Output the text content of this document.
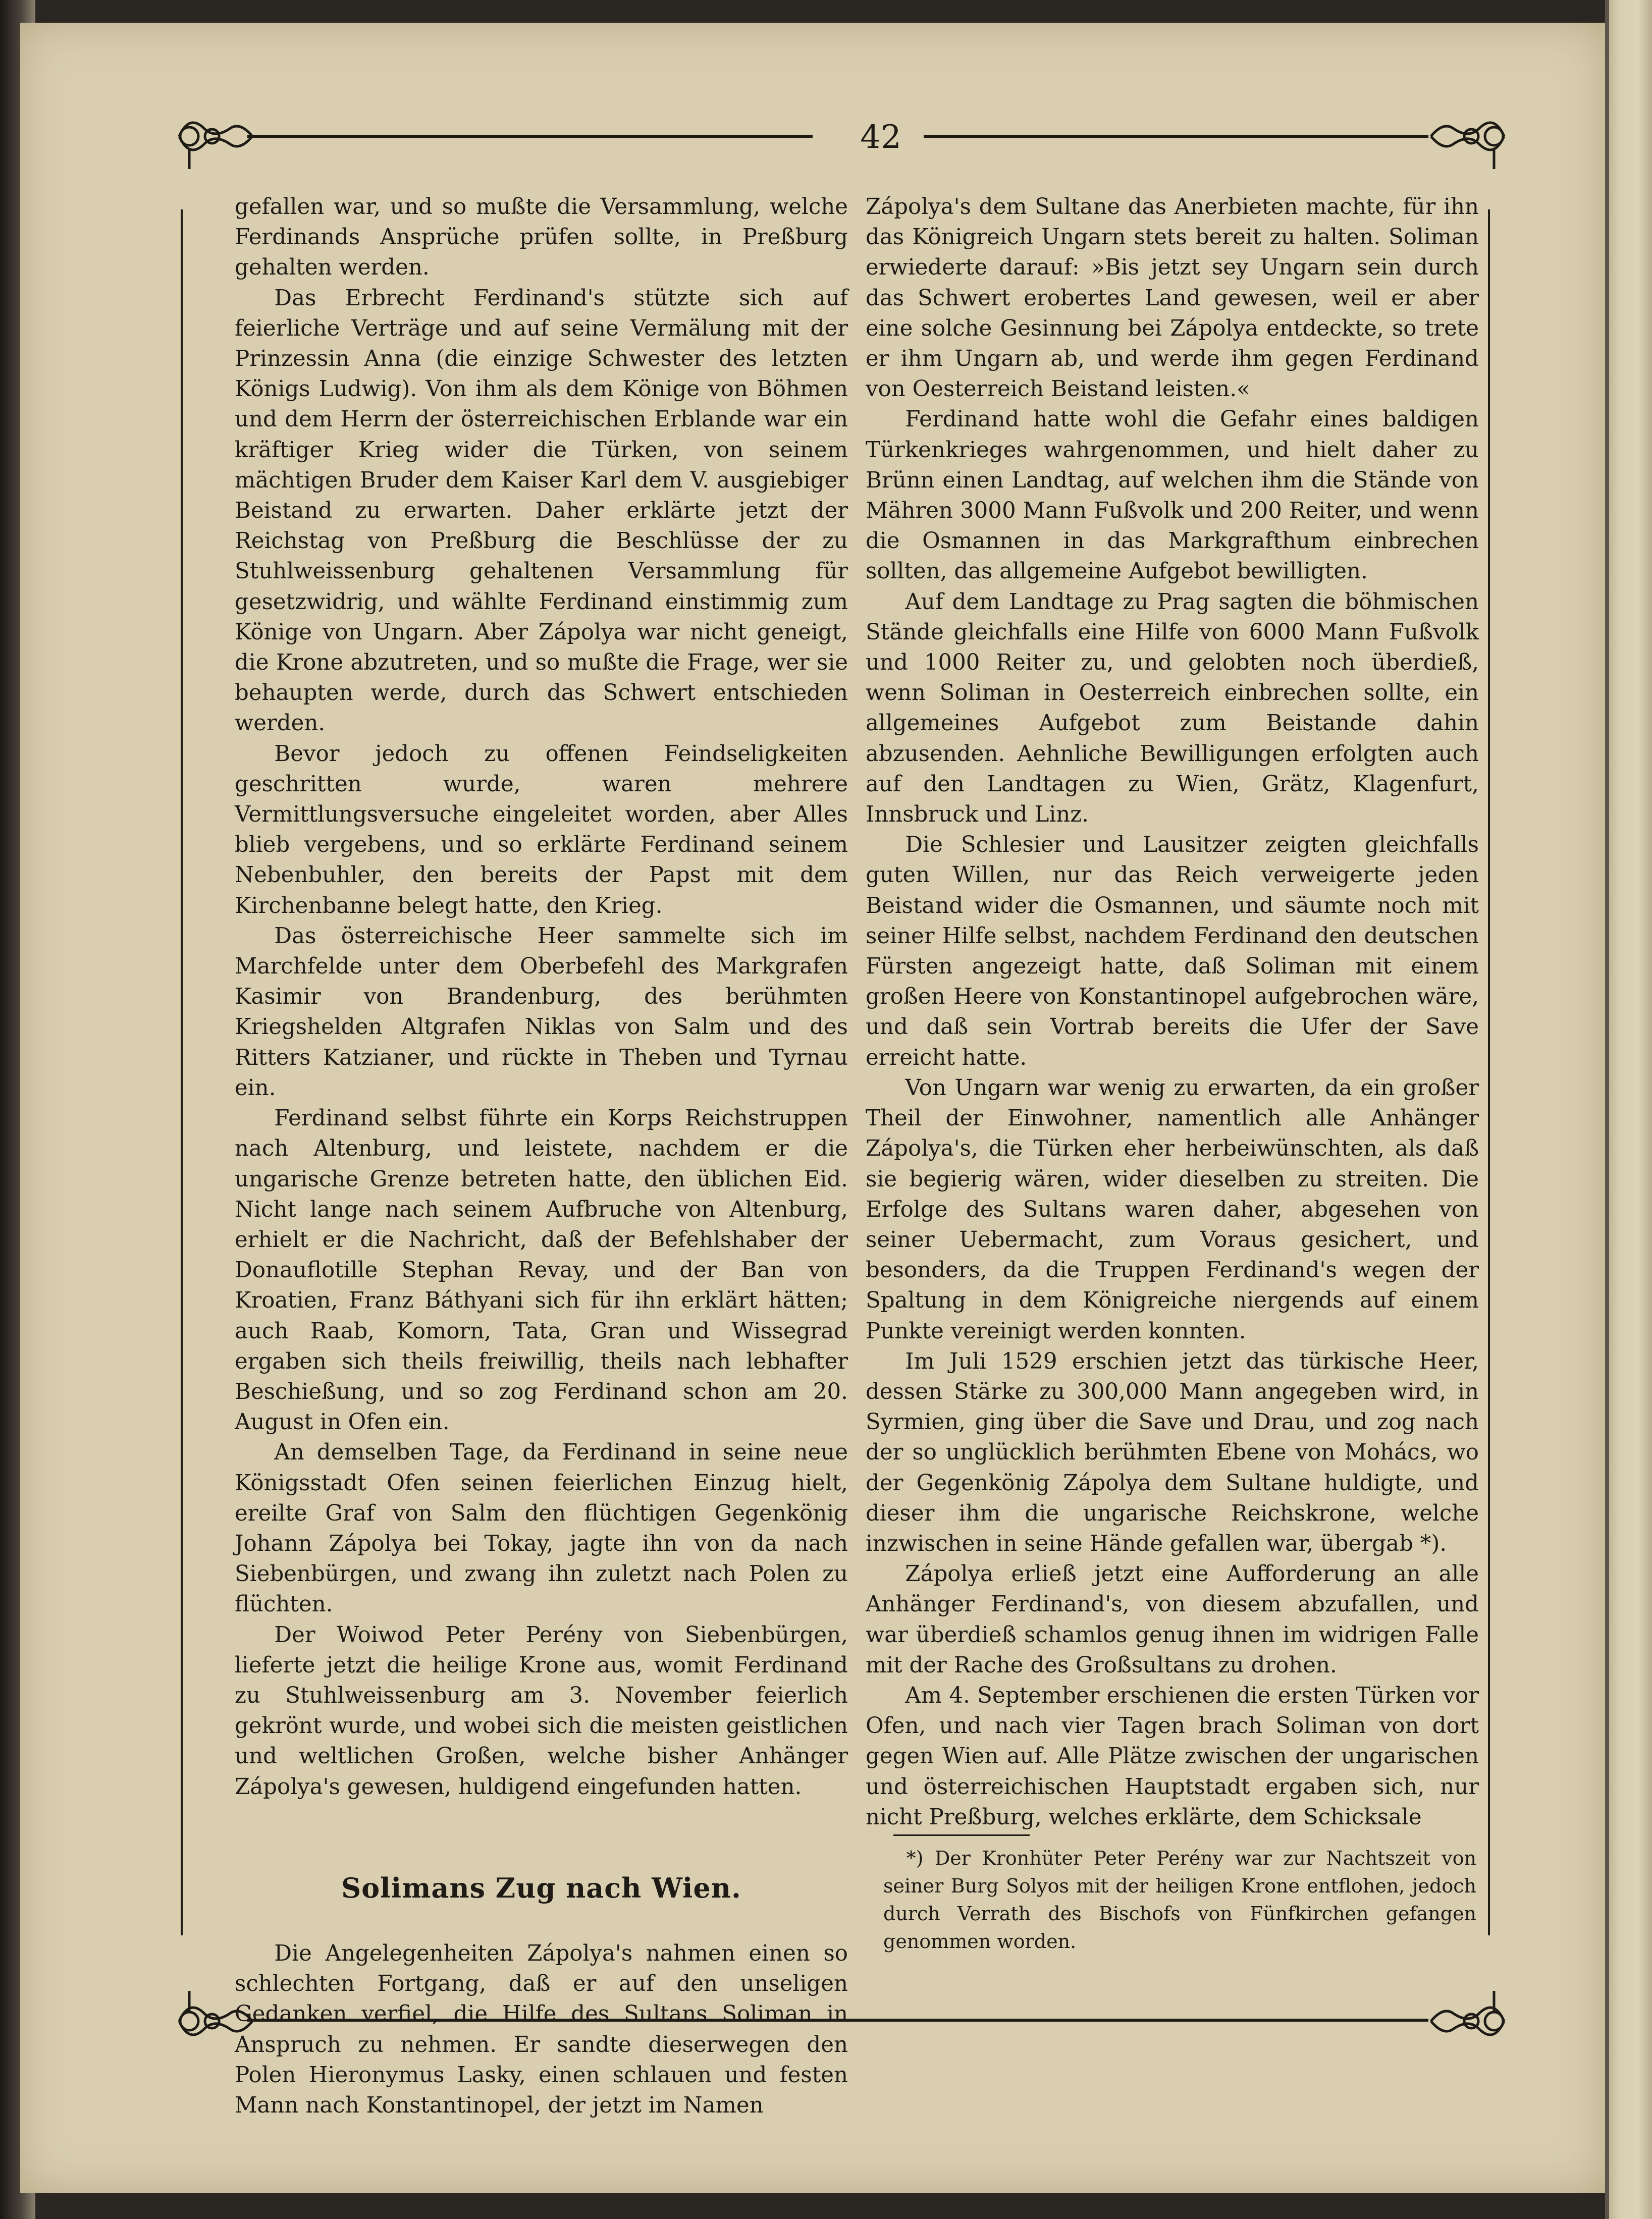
42

gefallen war, und so mußte die Versammlung, welche Ferdinands Ansprüche prüfen sollte, in Preßburg gehalten werden.

Das Erbrecht Ferdinand's stützte sich auf feierliche Verträge und auf seine Vermälung mit der Prinzessin Anna (die einzige Schwester des letzten Königs Ludwig). Von ihm als dem Könige von Böhmen und dem Herrn der österreichischen Erblande war ein kräftiger Krieg wider die Türken, von seinem mächtigen Bruder dem Kaiser Karl dem V. ausgiebiger Beistand zu erwarten. Daher erklärte jetzt der Reichstag von Preßburg die Beschlüsse der zu Stuhlweissenburg gehaltenen Versammlung für gesetzwidrig, und wählte Ferdinand einstimmig zum Könige von Ungarn. Aber Zápolya war nicht geneigt, die Krone abzutreten, und so mußte die Frage, wer sie behaupten werde, durch das Schwert entschieden werden.

Bevor jedoch zu offenen Feindseligkeiten geschritten wurde, waren mehrere Vermittlungsversuche eingeleitet worden, aber Alles blieb vergebens, und so erklärte Ferdinand seinem Nebenbuhler, den bereits der Papst mit dem Kirchenbanne belegt hatte, den Krieg.

Das österreichische Heer sammelte sich im Marchfelde unter dem Oberbefehl des Markgrafen Kasimir von Brandenburg, des berühmten Kriegshelden Altgrafen Niklas von Salm und des Ritters Katzianer, und rückte in Theben und Tyrnau ein.

Ferdinand selbst führte ein Korps Reichstruppen nach Altenburg, und leistete, nachdem er die ungarische Grenze betreten hatte, den üblichen Eid. Nicht lange nach seinem Aufbruche von Altenburg, erhielt er die Nachricht, daß der Befehlshaber der Donauflotille Stephan Revay, und der Ban von Kroatien, Franz Báthyani sich für ihn erklärt hätten; auch Raab, Komorn, Tata, Gran und Wissegrad ergaben sich theils freiwillig, theils nach lebhafter Beschießung, und so zog Ferdinand schon am 20. August in Ofen ein.

An demselben Tage, da Ferdinand in seine neue Königsstadt Ofen seinen feierlichen Einzug hielt, ereilte Graf von Salm den flüchtigen Gegenkönig Johann Zápolya bei Tokay, jagte ihn von da nach Siebenbürgen, und zwang ihn zuletzt nach Polen zu flüchten.

Der Woiwod Peter Perény von Siebenbürgen, lieferte jetzt die heilige Krone aus, womit Ferdinand zu Stuhlweissenburg am 3. November feierlich gekrönt wurde, und wobei sich die meisten geistlichen und weltlichen Großen, welche bisher Anhänger Zápolya's gewesen, huldigend eingefunden hatten.

Solimans Zug nach Wien.

Die Angelegenheiten Zápolya's nahmen einen so schlechten Fortgang, daß er auf den unseligen Gedanken verfiel, die Hilfe des Sultans Soliman in Anspruch zu nehmen. Er sandte dieserwegen den Polen Hieronymus Lasky, einen schlauen und festen Mann nach Konstantinopel, der jetzt im Namen

Zápolya's dem Sultane das Anerbieten machte, für ihn das Königreich Ungarn stets bereit zu halten. Soliman erwiederte darauf: »Bis jetzt sey Ungarn sein durch das Schwert erobertes Land gewesen, weil er aber eine solche Gesinnung bei Zápolya entdeckte, so trete er ihm Ungarn ab, und werde ihm gegen Ferdinand von Oesterreich Beistand leisten.«

Ferdinand hatte wohl die Gefahr eines baldigen Türkenkrieges wahrgenommen, und hielt daher zu Brünn einen Landtag, auf welchen ihm die Stände von Mähren 3000 Mann Fußvolk und 200 Reiter, und wenn die Osmannen in das Markgrafthum einbrechen sollten, das allgemeine Aufgebot bewilligten.

Auf dem Landtage zu Prag sagten die böhmischen Stände gleichfalls eine Hilfe von 6000 Mann Fußvolk und 1000 Reiter zu, und gelobten noch überdieß, wenn Soliman in Oesterreich einbrechen sollte, ein allgemeines Aufgebot zum Beistande dahin abzusenden. Aehnliche Bewilligungen erfolgten auch auf den Landtagen zu Wien, Grätz, Klagenfurt, Innsbruck und Linz.

Die Schlesier und Lausitzer zeigten gleichfalls guten Willen, nur das Reich verweigerte jeden Beistand wider die Osmannen, und säumte noch mit seiner Hilfe selbst, nachdem Ferdinand den deutschen Fürsten angezeigt hatte, daß Soliman mit einem großen Heere von Konstantinopel aufgebrochen wäre, und daß sein Vortrab bereits die Ufer der Save erreicht hatte.

Von Ungarn war wenig zu erwarten, da ein großer Theil der Einwohner, namentlich alle Anhänger Zápolya's, die Türken eher herbeiwünschten, als daß sie begierig wären, wider dieselben zu streiten. Die Erfolge des Sultans waren daher, abgesehen von seiner Uebermacht, zum Voraus gesichert, und besonders, da die Truppen Ferdinand's wegen der Spaltung in dem Königreiche niergends auf einem Punkte vereinigt werden konnten.

Im Juli 1529 erschien jetzt das türkische Heer, dessen Stärke zu 300,000 Mann angegeben wird, in Syrmien, ging über die Save und Drau, und zog nach der so unglücklich berühmten Ebene von Mohács, wo der Gegenkönig Zápolya dem Sultane huldigte, und dieser ihm die ungarische Reichskrone, welche inzwischen in seine Hände gefallen war, übergab *).

Zápolya erließ jetzt eine Aufforderung an alle Anhänger Ferdinand's, von diesem abzufallen, und war überdieß schamlos genug ihnen im widrigen Falle mit der Rache des Großsultans zu drohen.

Am 4. September erschienen die ersten Türken vor Ofen, und nach vier Tagen brach Soliman von dort gegen Wien auf. Alle Plätze zwischen der ungarischen und österreichischen Hauptstadt ergaben sich, nur nicht Preßburg, welches erklärte, dem Schicksale

*) Der Kronhüter Peter Perény war zur Nachtszeit von seiner Burg Solyos mit der heiligen Krone entflohen, jedoch durch Verrath des Bischofs von Fünfkirchen gefangen genommen worden.
